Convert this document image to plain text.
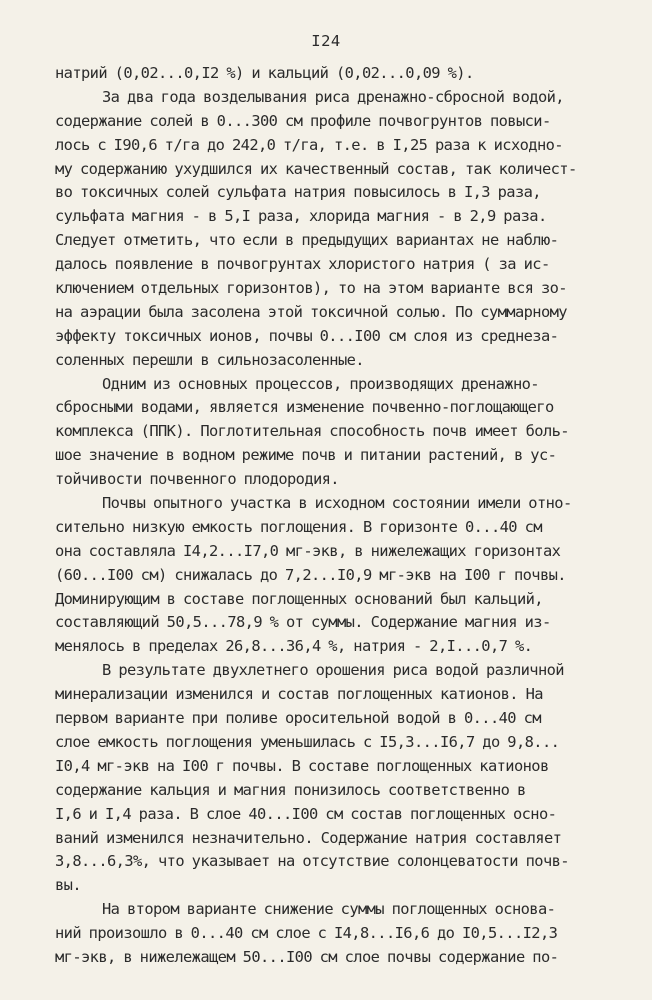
I24
натрий (0,02...0,I2 %) и кальций (0,02...0,09 %).
За два года возделывания риса дренажно-сбросной водой,
содержание солей в 0...300 см профиле почвогрунтов повыси-
лось с I90,6 т/га до 242,0 т/га, т.е. в I,25 раза к исходно-
му содержанию ухудшился их качественный состав, так количест-
во токсичных солей сульфата натрия повысилось в I,3 раза,
сульфата магния - в 5,I раза, хлорида магния - в 2,9 раза.
Следует отметить, что если в предыдущих вариантах не наблю-
далось появление в почвогрунтах хлористого натрия ( за ис-
ключением отдельных горизонтов), то на этом варианте вся зо-
на аэрации была засолена этой токсичной солью. По суммарному
эффекту токсичных ионов, почвы 0...I00 см слоя из среднеза-
соленных перешли в сильнозасоленные.
Одним из основных процессов, производящих дренажно-
сбросными водами, является изменение почвенно-поглощающего
комплекса (ППК). Поглотительная способность почв имеет боль-
шое значение в водном режиме почв и питании растений, в ус-
тойчивости почвенного плодородия.
Почвы опытного участка в исходном состоянии имели отно-
сительно низкую емкость поглощения. В горизонте 0...40 см
она составляла I4,2...I7,0 мг-экв, в нижележащих горизонтах
(60...I00 см) снижалась до 7,2...I0,9 мг-экв на I00 г почвы.
Доминирующим в составе поглощенных оснований был кальций,
составляющий 50,5...78,9 % от суммы. Содержание магния из-
менялось в пределах 26,8...36,4 %, натрия - 2,I...0,7 %.
В результате двухлетнего орошения риса водой различной
минерализации изменился и состав поглощенных катионов. На
первом варианте при поливе оросительной водой в 0...40 см
слое емкость поглощения уменьшилась с I5,3...I6,7 до 9,8...
I0,4 мг-экв на I00 г почвы. В составе поглощенных катионов
содержание кальция и магния понизилось соответственно в
I,6 и I,4 раза. В слое 40...I00 см состав поглощенных осно-
ваний изменился незначительно. Содержание натрия составляет
3,8...6,3%, что указывает на отсутствие солонцеватости почв-
вы.
На втором варианте снижение суммы поглощенных основа-
ний произошло в 0...40 см слое с I4,8...I6,6 до I0,5...I2,3
мг-экв, в нижележащем 50...I00 см слое почвы содержание по-
